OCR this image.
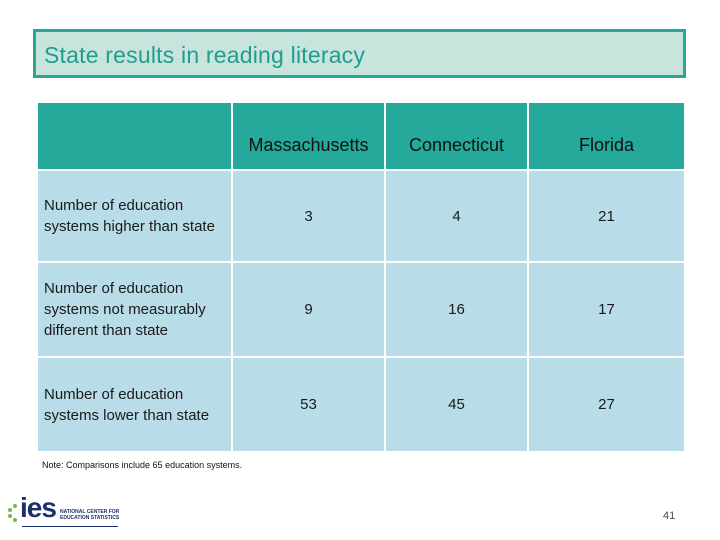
State results in reading literacy
	Massachusetts	Connecticut	Florida
Number of education systems higher than state	3	4	21
Number of education systems not measurably different than state	9	16	17
Number of education systems lower than state	53	45	27
Note: Comparisons include 65 education systems.
ies NATIONAL CENTER FOR EDUCATION STATISTICS	41
